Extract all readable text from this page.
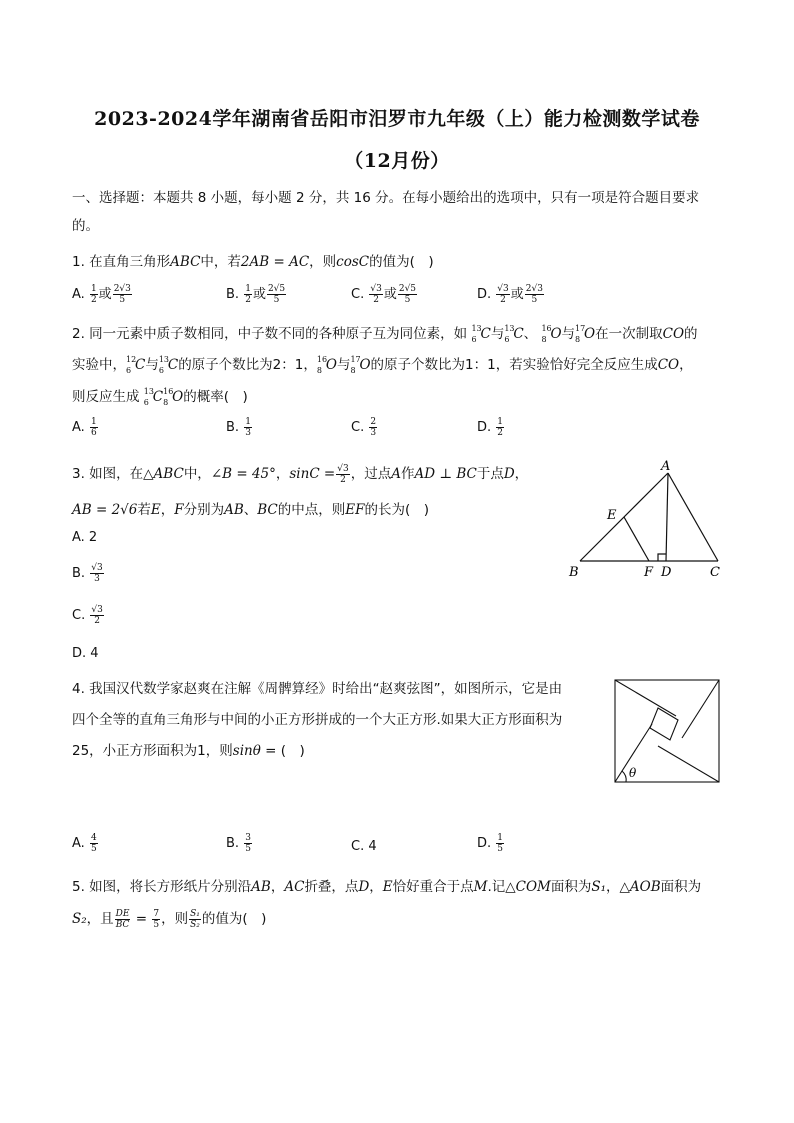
2023-2024学年湖南省岳阳市汨罗市九年级（上）能力检测数学试卷
（12月份）
一、选择题：本题共 8 小题，每小题 2 分，共 16 分。在每小题给出的选项中，只有一项是符合题目要求
的。
1. 在直角三角形ABC中，若2AB = AC，则cosC的值为(　)
A. $\frac{1}{2}$ 或 $\frac{2√3}{5}$	B. $\frac{1}{2}$ 或 $\frac{2√5}{5}$	C. $\frac{√3}{2}$ 或 $\frac{2√5}{5}$	D. $\frac{√3}{2}$ 或 $\frac{2√3}{5}$
2. 同一元素中质子数相同，中子数不同的各种原子互为同位素，如 13
6 C与 13
6 C、 16
8 O与 17
8 O在一次制取CO的
实验中， 12
6 C与 13
6 C的原子个数比为2：1， 16
8 O与 17
8 O的原子个数比为1：1，若实验恰好完全反应生成CO，
则反应生成 13
6 C 16
8 O的概率(　)
A. $\frac{1}{6}$	B. $\frac{1}{3}$	C. $\frac{2}{3}$	D. $\frac{1}{2}$
3. 如图，在△ABC中，∠B = 45°，$\sin C = \frac{√3}{2}$ ，过点A作AD ⊥ BC于点D，
AB = 2√6若E，F分别为AB、BC的中点，则EF的长为(　)
A. 2
B. $\frac{√3}{3}$
C. $\frac{√3}{2}$
D. 4
A
E
B	F D	C
4. 我国汉代数学家赵爽在注解《周髀算经》时给出“赵爽弦图”，如图所示，它是由
四个全等的直角三角形与中间的小正方形拼成的一个大正方形.如果大正方形面积为
25，小正方形面积为1，则sinθ = (　)
A. $\frac{4}{5}$	B. $\frac{3}{5}$	C. 4	D. $\frac{1}{5}$
θ
5. 如图，将长方形纸片分别沿AB，AC折叠，点D，E恰好重合于点M.记△COM面积为S₁，△AOB面积为
S₂，且 $\frac{DE}{BC} = \frac{7}{5}$ ，则 $\frac{\text{S₁}}{\text{S₂}}$ 的值为(　)
